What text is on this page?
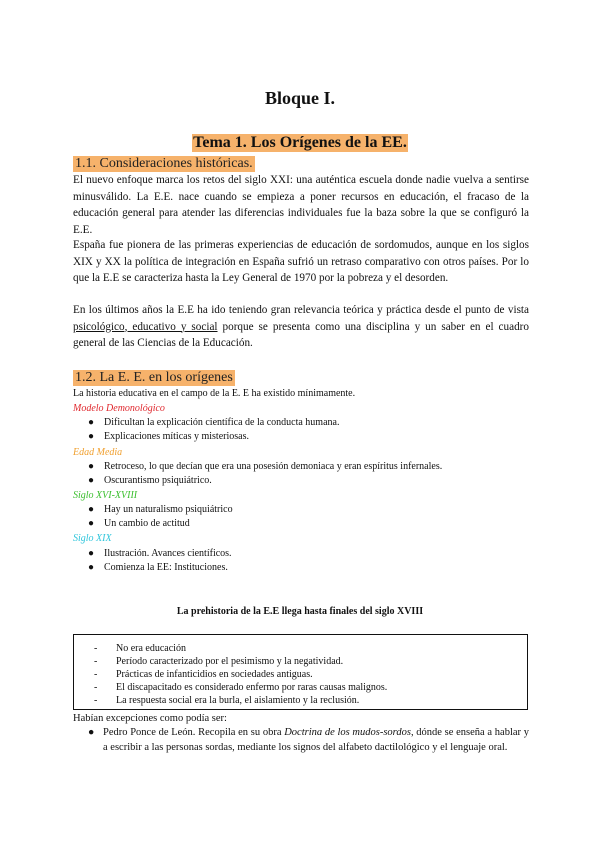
Bloque I.
Tema 1. Los Orígenes de la EE.
1.1. Consideraciones históricas.
El nuevo enfoque marca los retos del siglo XXI: una auténtica escuela donde nadie vuelva a sentirse minusválido. La E.E. nace cuando se empieza a poner recursos en educación, el fracaso de la educación general para atender las diferencias individuales fue la baza sobre la que se configuró la E.E.
España fue pionera de las primeras experiencias de educación de sordomudos, aunque en los siglos XIX y XX la política de integración en España sufrió un retraso comparativo con otros países. Por lo que la E.E se caracteriza hasta la Ley General de 1970 por la pobreza y el desorden.
En los últimos años la E.E ha ido teniendo gran relevancia teórica y práctica desde el punto de vista psicológico, educativo y social porque se presenta como una disciplina y un saber en el cuadro general de las Ciencias de la Educación.
1.2. La E. E. en los orígenes
La historia educativa en el campo de la E. E ha existido mínimamente.
Modelo Demonológico
● Dificultan la explicación científica de la conducta humana.
● Explicaciones míticas y misteriosas.
Edad Media
● Retroceso, lo que decían que era una posesión demoniaca y eran espíritus infernales.
● Oscurantismo psiquiátrico.
Siglo XVI-XVIII
● Hay un naturalismo psiquiátrico
● Un cambio de actitud
Siglo XIX
● Ilustración. Avances científicos.
● Comienza la EE: Instituciones.
La prehistoria de la E.E llega hasta finales del siglo XVIII
- No era educación
- Período caracterizado por el pesimismo y la negatividad.
- Prácticas de infanticidios en sociedades antiguas.
- El discapacitado es considerado enfermo por raras causas malignos.
- La respuesta social era la burla, el aislamiento y la reclusión.
Habían excepciones como podía ser:
● Pedro Ponce de León. Recopila en su obra Doctrina de los mudos-sordos, dónde se enseña a hablar y a escribir a las personas sordas, mediante los signos del alfabeto dactilológico y el lenguaje oral.
